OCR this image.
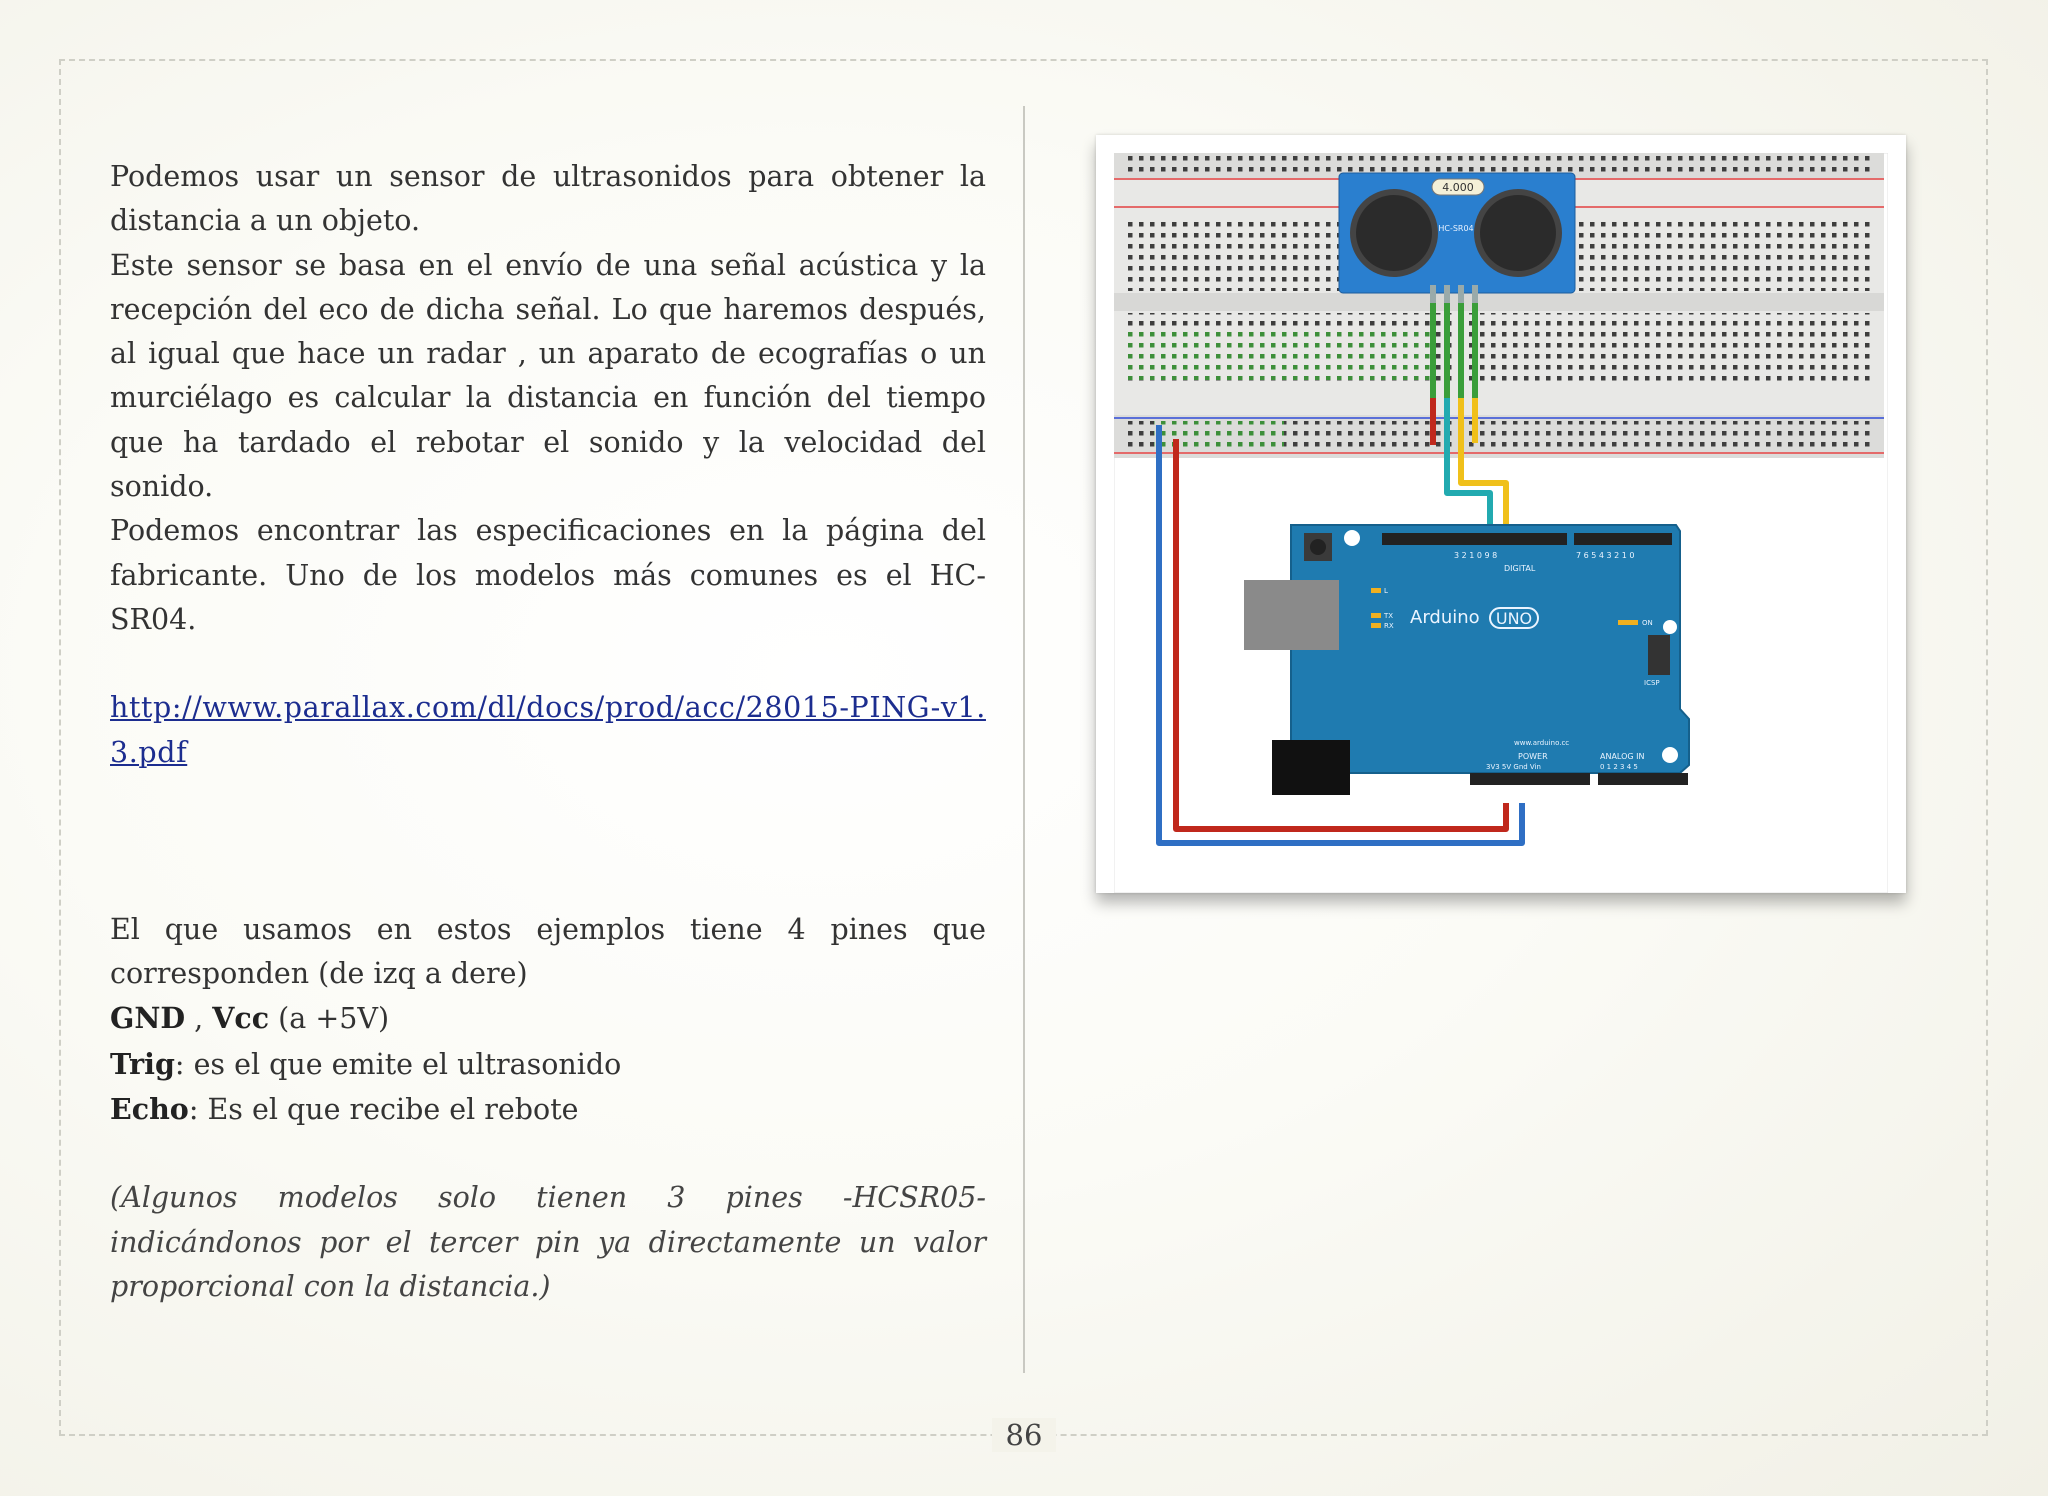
Podemos usar un sensor de ultrasonidos para obtener la distancia a un objeto.

Este sensor se basa en el envío de una señal acústica y la recepción del eco de dicha señal. Lo que haremos después, al igual que hace un radar , un aparato de ecografías o un murciélago es calcular la distancia en función del tiempo que ha tardado el rebotar el sonido y la velocidad del sonido.

Podemos encontrar las especificaciones en la página del fabricante. Uno de los modelos más comunes es el HC-SR04.

http://www.parallax.com/dl/docs/prod/acc/28015-PING-v1.3.pdf

El que usamos en estos ejemplos tiene 4 pines que corresponden (de izq a dere)

GND , Vcc (a +5V)

Trig: es el que emite el ultrasonido

Echo: Es el que recibe el rebote

(Algunos modelos solo tienen 3 pines -HCSR05- indicándonos por el tercer pin ya directamente un valor proporcional con la distancia.)

4.000
HC-SR04
Arduino UNO
DIGITAL
7 6 5 4 3 2 1 0
3 2 1 0 9 8
TX
RX
L
ON
ICSP
www.arduino.cc
POWER	ANALOG IN
3V3 5V Gnd Vin	0 1 2 3 4 5
86
